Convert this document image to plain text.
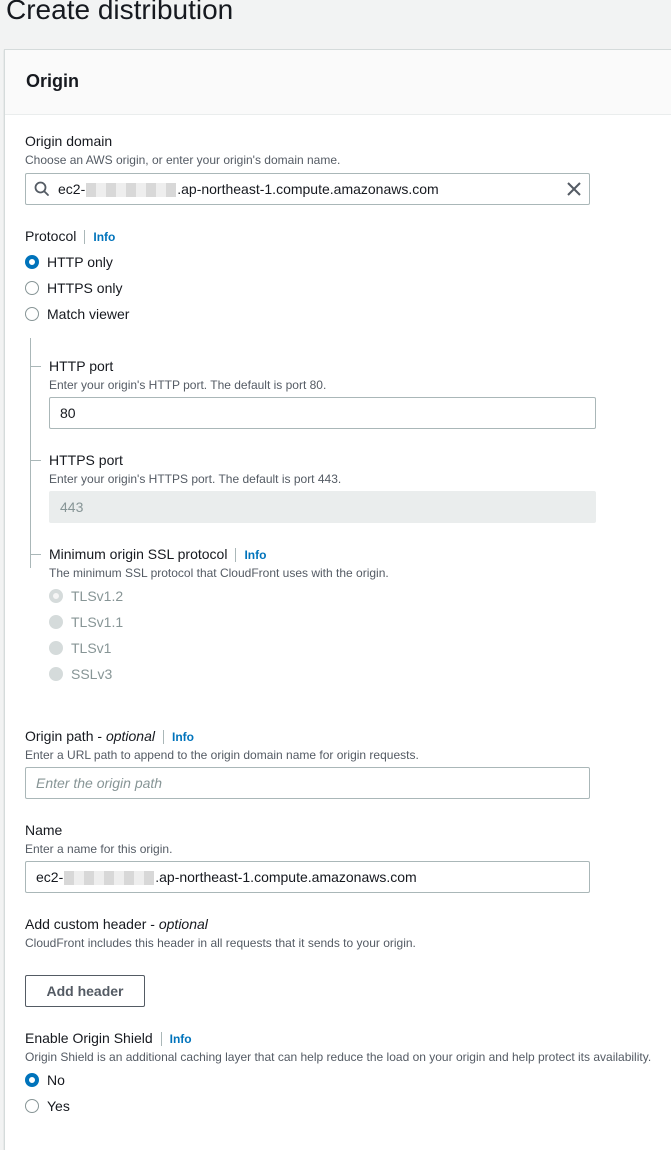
Create distribution
Origin
Origin domain
Choose an AWS origin, or enter your origin's domain name.
ec2-	.ap-northeast-1.compute.amazonaws.com
Protocol Info
HTTP only
HTTPS only
Match viewer
HTTP port
Enter your origin's HTTP port. The default is port 80.
80
HTTPS port
Enter your origin's HTTPS port. The default is port 443.
443
Minimum origin SSL protocol Info
The minimum SSL protocol that CloudFront uses with the origin.
TLSv1.2
TLSv1.1
TLSv1
SSLv3
Origin path - optional Info
Enter a URL path to append to the origin domain name for origin requests.
Enter the origin path
Name
Enter a name for this origin.
ec2-	.ap-northeast-1.compute.amazonaws.com
Add custom header - optional
CloudFront includes this header in all requests that it sends to your origin.
Add header
Enable Origin Shield Info
Origin Shield is an additional caching layer that can help reduce the load on your origin and help protect its availability.
No
Yes
